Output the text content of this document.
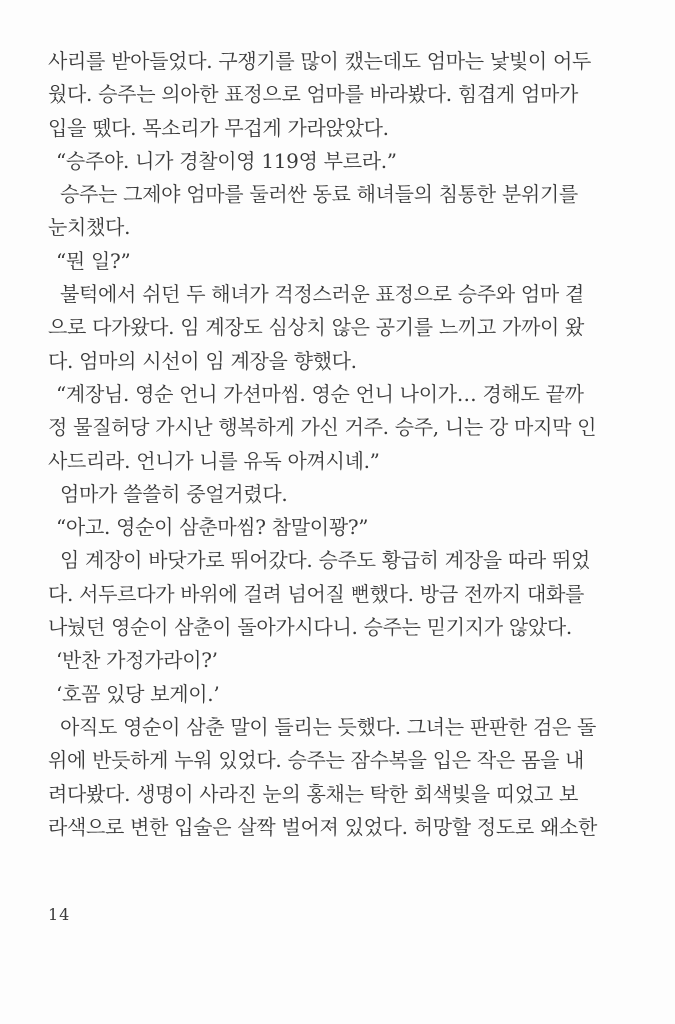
사리를 받아들었다. 구쟁기를 많이 캤는데도 엄마는 낯빛이 어두
웠다. 승주는 의아한 표정으로 엄마를 바라봤다. 힘겹게 엄마가
입을 뗐다. 목소리가 무겁게 가라앉았다.
“승주야. 니가 경찰이영 119영 부르라.”
승주는 그제야 엄마를 둘러싼 동료 해녀들의 침통한 분위기를
눈치챘다.
“뭔 일?”
불턱에서 쉬던 두 해녀가 걱정스러운 표정으로 승주와 엄마 곁
으로 다가왔다. 임 계장도 심상치 않은 공기를 느끼고 가까이 왔
다. 엄마의 시선이 임 계장을 향했다.
“계장님. 영순 언니 가션마씸. 영순 언니 나이가… 경해도 끝까
정 물질허당 가시난 행복하게 가신 거주. 승주, 니는 강 마지막 인
사드리라. 언니가 니를 유독 아껴시녜.”
엄마가 쓸쓸히 중얼거렸다.
“아고. 영순이 삼춘마씸? 참말이꽝?”
임 계장이 바닷가로 뛰어갔다. 승주도 황급히 계장을 따라 뛰었
다. 서두르다가 바위에 걸려 넘어질 뻔했다. 방금 전까지 대화를
나눴던 영순이 삼춘이 돌아가시다니. 승주는 믿기지가 않았다.
‘반찬 가정가라이?’
‘호꼼 있당 보게이.’
아직도 영순이 삼춘 말이 들리는 듯했다. 그녀는 판판한 검은 돌
위에 반듯하게 누워 있었다. 승주는 잠수복을 입은 작은 몸을 내
려다봤다. 생명이 사라진 눈의 홍채는 탁한 회색빛을 띠었고 보
라색으로 변한 입술은 살짝 벌어져 있었다. 허망할 정도로 왜소한
14
